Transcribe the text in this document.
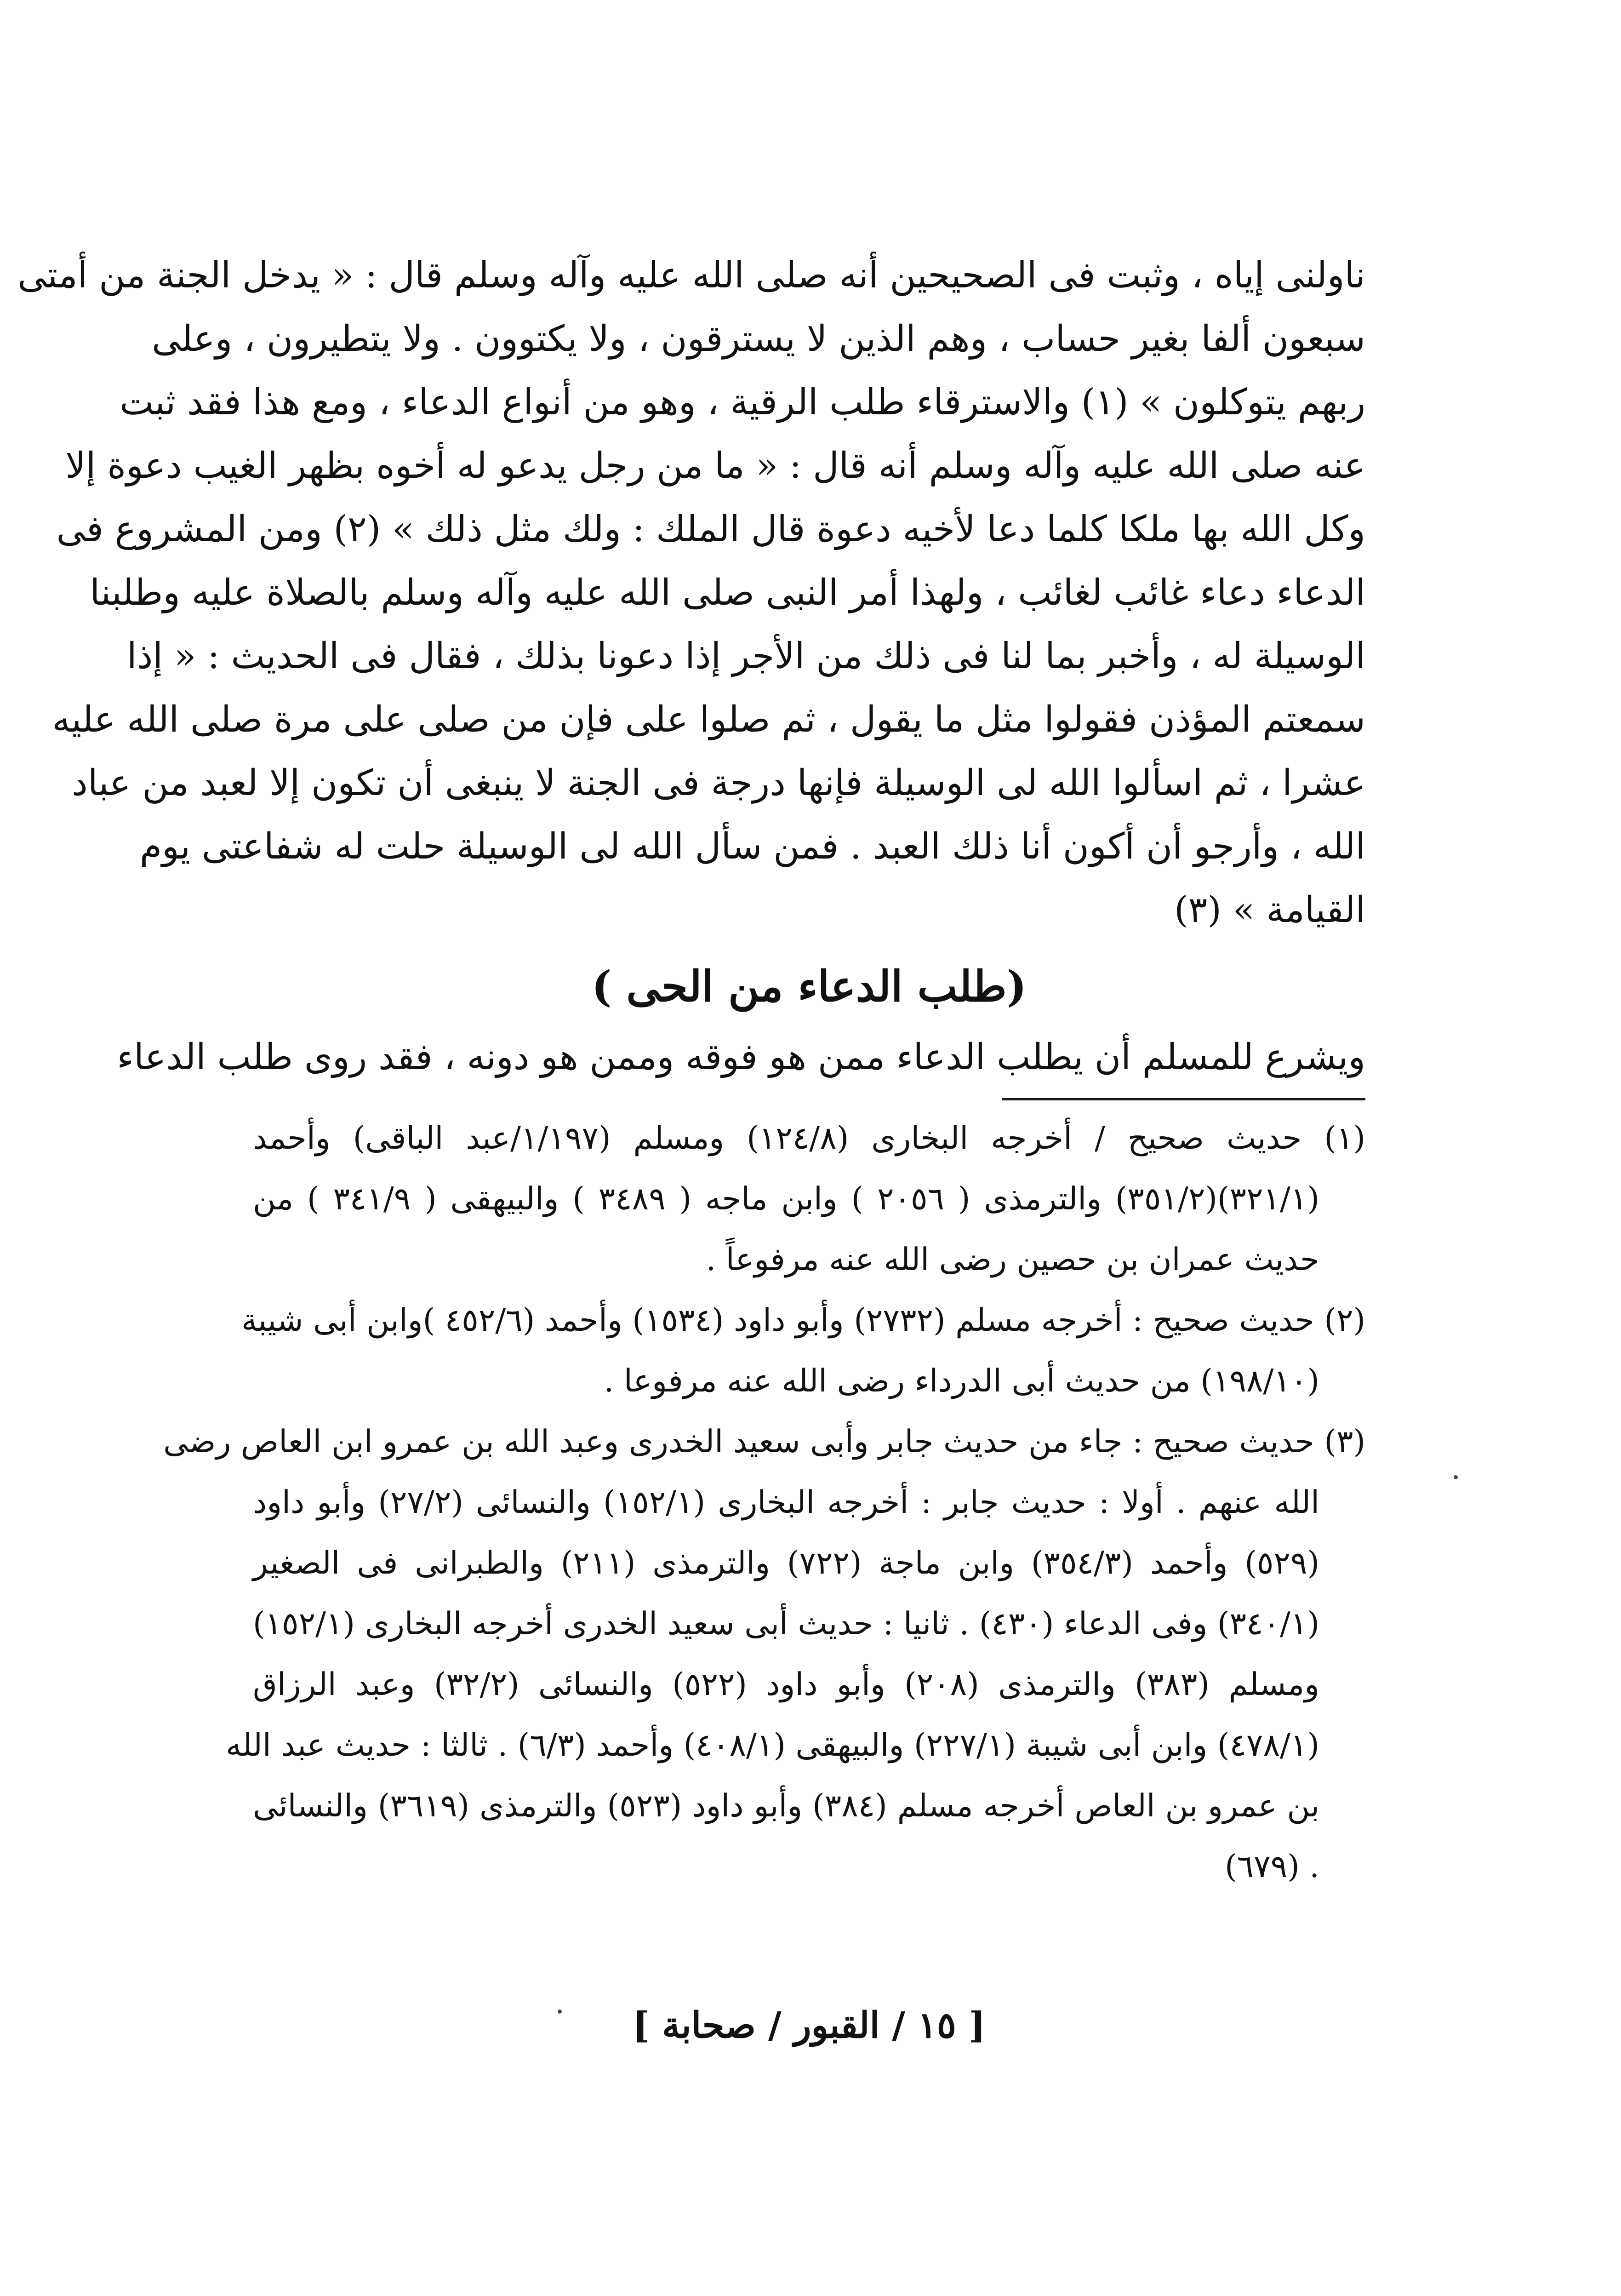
ناولنى إياه ، وثبت فى الصحيحين أنه صلى الله عليه وآله وسلم قال : « يدخل الجنة من أمتى
سبعون ألفا بغير حساب ، وهم الذين لا يسترقون ، ولا يكتوون . ولا يتطيرون ، وعلى
ربهم يتوكلون » (١) والاسترقاء طلب الرقية ، وهو من أنواع الدعاء ، ومع هذا فقد ثبت
عنه صلى الله عليه وآله وسلم أنه قال : « ما من رجل يدعو له أخوه بظهر الغيب دعوة إلا
وكل الله بها ملكا كلما دعا لأخيه دعوة قال الملك : ولك مثل ذلك » (٢) ومن المشروع فى
الدعاء دعاء غائب لغائب ، ولهذا أمر النبى صلى الله عليه وآله وسلم بالصلاة عليه وطلبنا
الوسيلة له ، وأخبر بما لنا فى ذلك من الأجر إذا دعونا بذلك ، فقال فى الحديث : « إذا
سمعتم المؤذن فقولوا مثل ما يقول ، ثم صلوا على فإن من صلى على مرة صلى الله عليه
عشرا ، ثم اسألوا الله لى الوسيلة فإنها درجة فى الجنة لا ينبغى أن تكون إلا لعبد من عباد
الله ، وأرجو أن أكون أنا ذلك العبد . فمن سأل الله لى الوسيلة حلت له شفاعتى يوم
القيامة » (٣)
(طلب الدعاء من الحى )
ويشرع للمسلم أن يطلب الدعاء ممن هو فوقه وممن هو دونه ، فقد روى طلب الدعاء
(١) حديث صحيح / أخرجه البخارى (١٢٤/٨) ومسلم (١/١٩٧/عبد الباقى) وأحمد
(٣٢١/١)(٣٥١/٢) والترمذى ( ٢٠٥٦ ) وابن ماجه ( ٣٤٨٩ ) والبيهقى ( ٣٤١/٩ ) من
حديث عمران بن حصين رضى الله عنه مرفوعاً .
(٢) حديث صحيح : أخرجه مسلم (٢٧٣٢) وأبو داود (١٥٣٤) وأحمد (٤٥٢/٦ )وابن أبى شيبة
(١٩٨/١٠) من حديث أبى الدرداء رضى الله عنه مرفوعا .
(٣) حديث صحيح : جاء من حديث جابر وأبى سعيد الخدرى وعبد الله بن عمرو ابن العاص رضى
الله عنهم . أولا : حديث جابر : أخرجه البخارى (١٥٢/١) والنسائى (٢٧/٢) وأبو داود
(٥٢٩) وأحمد (٣٥٤/٣) وابن ماجة (٧٢٢) والترمذى (٢١١) والطبرانى فى الصغير
(٣٤٠/١) وفى الدعاء (٤٣٠) . ثانيا : حديث أبى سعيد الخدرى أخرجه البخارى (١٥٢/١)
ومسلم (٣٨٣) والترمذى (٢٠٨) وأبو داود (٥٢٢) والنسائى (٣٢/٢) وعبد الرزاق
(٤٧٨/١) وابن أبى شيبة (٢٢٧/١) والبيهقى (٤٠٨/١) وأحمد (٦/٣) . ثالثا : حديث عبد الله
بن عمرو بن العاص أخرجه مسلم (٣٨٤) وأبو داود (٥٢٣) والترمذى (٣٦١٩) والنسائى
. (٦٧٩)
[ ١٥ / القبور / صحابة ]
